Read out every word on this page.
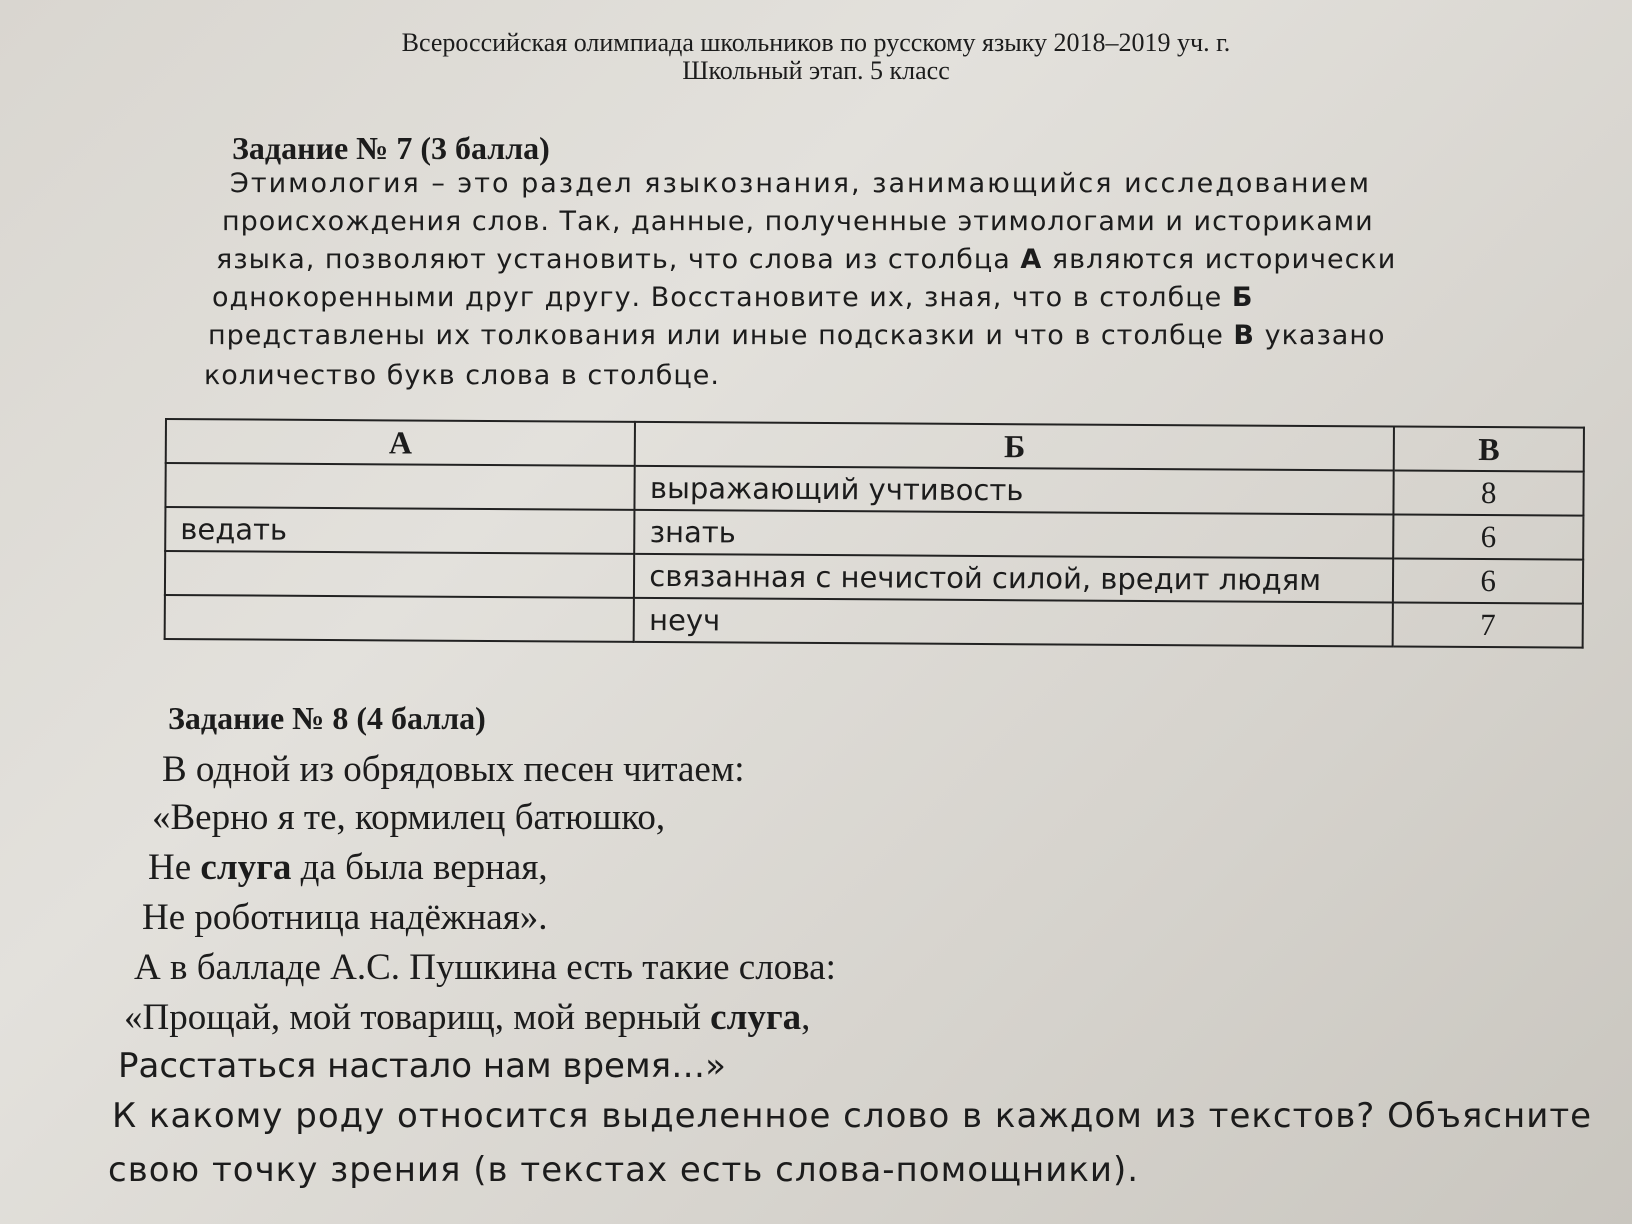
Всероссийская олимпиада школьников по русскому языку 2018–2019 уч. г.
Школьный этап. 5 класс
Задание № 7 (3 балла)
Этимология – это раздел языкознания, занимающийся исследованием
происхождения слов. Так, данные, полученные этимологами и историками
языка, позволяют установить, что слова из столбца А являются исторически
однокоренными друг другу. Восстановите их, зная, что в столбце Б
представлены их толкования или иные подсказки и что в столбце В указано
количество букв слова в столбце.
А	Б	В
	выражающий учтивость	8
ведать	знать	6
	связанная с нечистой силой, вредит людям	6
	неуч	7
Задание № 8 (4 балла)
В одной из обрядовых песен читаем:
«Верно я те, кормилец батюшко,
Не слуга да была верная,
Не роботница надёжная».
А в балладе А.С. Пушкина есть такие слова:
«Прощай, мой товарищ, мой верный слуга,
Расстаться настало нам время…»
К какому роду относится выделенное слово в каждом из текстов? Объясните
свою точку зрения (в текстах есть слова-помощники).
